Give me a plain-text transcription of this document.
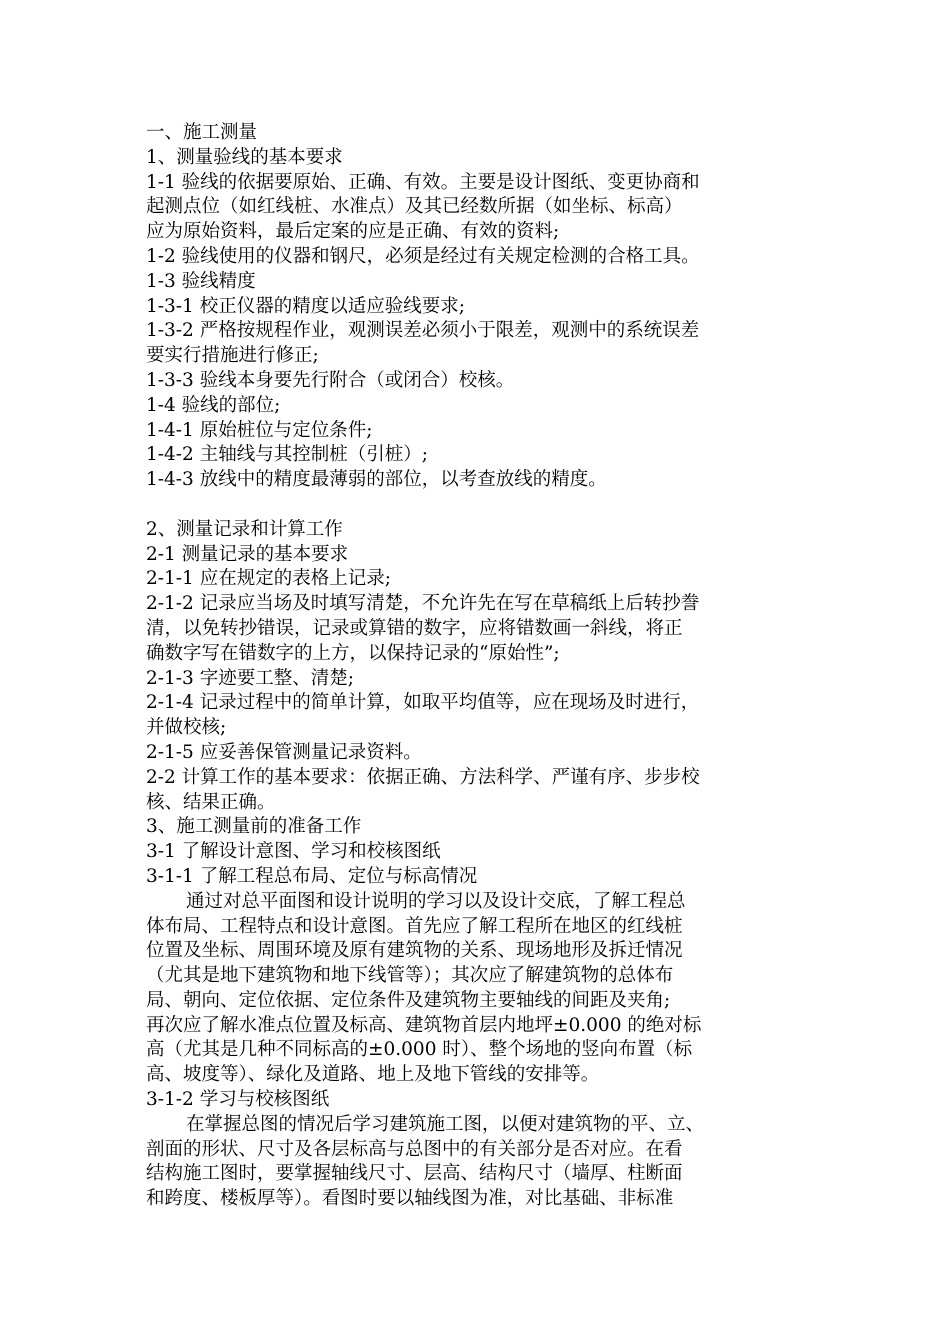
一、施工测量
1、测量验线的基本要求
1-1 验线的依据要原始、正确、有效。主要是设计图纸、变更协商和
起测点位（如红线桩、水准点）及其已经数所据（如坐标、标高）
应为原始资料，最后定案的应是正确、有效的资料;
1-2 验线使用的仪器和钢尺，必须是经过有关规定检测的合格工具。
1-3 验线精度
1-3-1 校正仪器的精度以适应验线要求;
1-3-2 严格按规程作业，观测误差必须小于限差，观测中的系统误差
要实行措施进行修正;
1-3-3 验线本身要先行附合（或闭合）校核。
1-4 验线的部位;
1-4-1 原始桩位与定位条件;
1-4-2 主轴线与其控制桩（引桩）;
1-4-3 放线中的精度最薄弱的部位，以考查放线的精度。
2、测量记录和计算工作
2-1 测量记录的基本要求
2-1-1 应在规定的表格上记录;
2-1-2 记录应当场及时填写清楚，不允许先在写在草稿纸上后转抄誊
清，以免转抄错误，记录或算错的数字，应将错数画一斜线，将正
确数字写在错数字的上方，以保持记录的“原始性”;
2-1-3 字迹要工整、清楚;
2-1-4 记录过程中的简单计算，如取平均值等，应在现场及时进行，
并做校核;
2-1-5 应妥善保管测量记录资料。
2-2 计算工作的基本要求：依据正确、方法科学、严谨有序、步步校
核、结果正确。
3、施工测量前的准备工作
3-1 了解设计意图、学习和校核图纸
3-1-1 了解工程总布局、定位与标高情况
通过对总平面图和设计说明的学习以及设计交底，了解工程总
体布局、工程特点和设计意图。首先应了解工程所在地区的红线桩
位置及坐标、周围环境及原有建筑物的关系、现场地形及拆迁情况
（尤其是地下建筑物和地下线管等）；其次应了解建筑物的总体布
局、朝向、定位依据、定位条件及建筑物主要轴线的间距及夹角;
再次应了解水准点位置及标高、建筑物首层内地坪±0.000 的绝对标
高（尤其是几种不同标高的±0.000 时）、整个场地的竖向布置（标
高、坡度等）、绿化及道路、地上及地下管线的安排等。
3-1-2 学习与校核图纸
在掌握总图的情况后学习建筑施工图，以便对建筑物的平、立、
剖面的形状、尺寸及各层标高与总图中的有关部分是否对应。在看
结构施工图时，要掌握轴线尺寸、层高、结构尺寸（墙厚、柱断面
和跨度、楼板厚等）。看图时要以轴线图为准，对比基础、非标准
